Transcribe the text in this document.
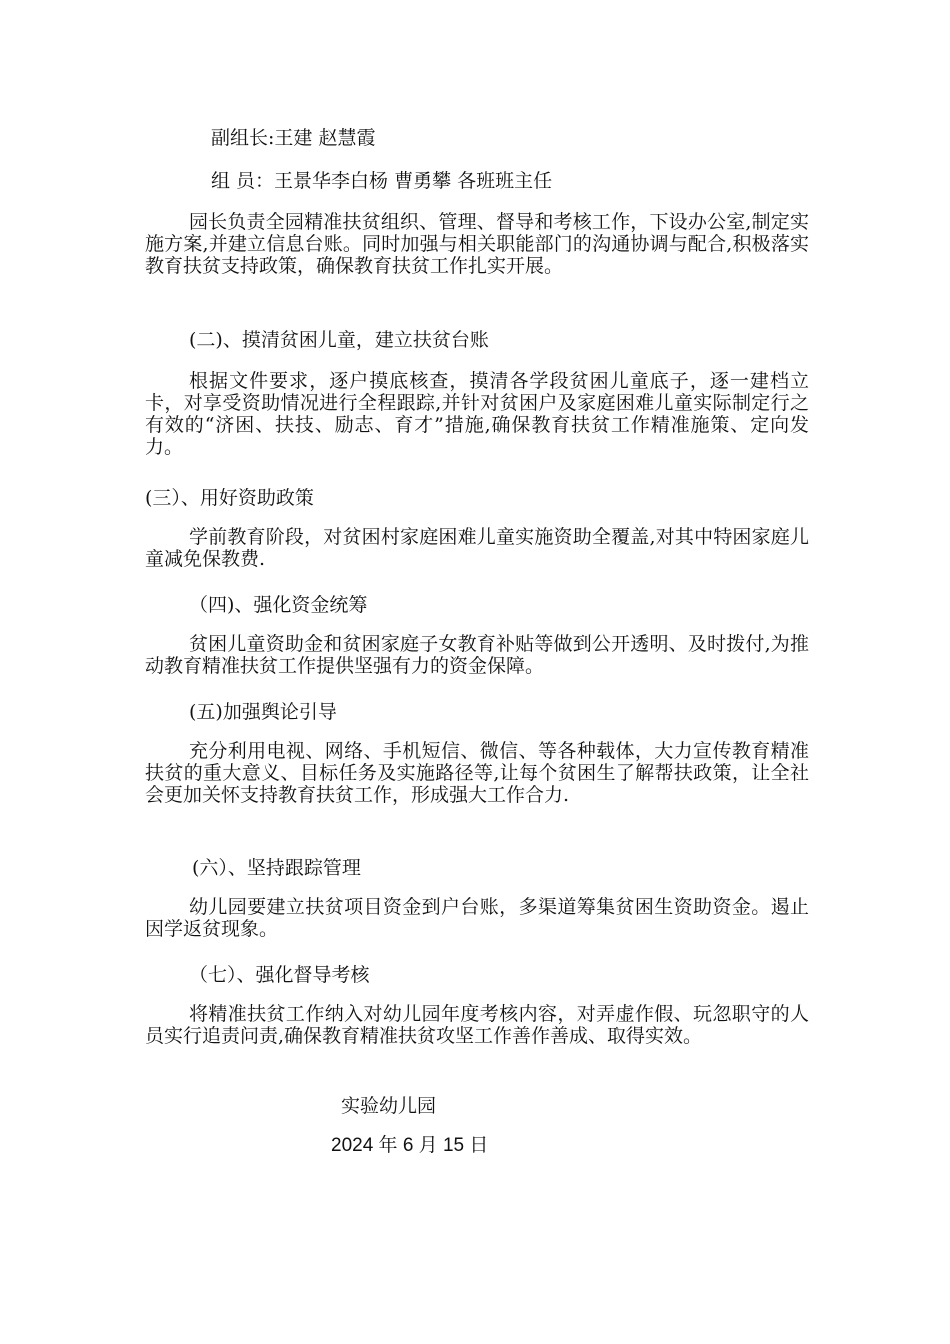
副组长:王建 赵慧霞
组 员：王景华李白杨 曹勇攀 各班班主任

园长负责全园精准扶贫组织、管理、督导和考核工作，下设办公室,制定实施方案,并建立信息台账。同时加强与相关职能部门的沟通协调与配合,积极落实教育扶贫支持政策，确保教育扶贫工作扎实开展。

(二)、摸清贫困儿童，建立扶贫台账

根据文件要求，逐户摸底核查，摸清各学段贫困儿童底子，逐一建档立卡，对享受资助情况进行全程跟踪,并针对贫困户及家庭困难儿童实际制定行之有效的“济困、扶技、励志、育才”措施,确保教育扶贫工作精准施策、定向发力。

(三）、用好资助政策

学前教育阶段，对贫困村家庭困难儿童实施资助全覆盖,对其中特困家庭儿童减免保教费.

（四)、强化资金统筹

贫困儿童资助金和贫困家庭子女教育补贴等做到公开透明、及时拨付,为推动教育精准扶贫工作提供坚强有力的资金保障。

(五)加强舆论引导

充分利用电视、网络、手机短信、微信、等各种载体，大力宣传教育精准扶贫的重大意义、目标任务及实施路径等,让每个贫困生了解帮扶政策，让全社会更加关怀支持教育扶贫工作，形成强大工作合力.

(六）、坚持跟踪管理

幼儿园要建立扶贫项目资金到户台账，多渠道筹集贫困生资助资金。遏止因学返贫现象。

（七）、强化督导考核

将精准扶贫工作纳入对幼儿园年度考核内容，对弄虚作假、玩忽职守的人员实行追责问责,确保教育精准扶贫攻坚工作善作善成、取得实效。

实验幼儿园
2024 年 6 月 15 日
